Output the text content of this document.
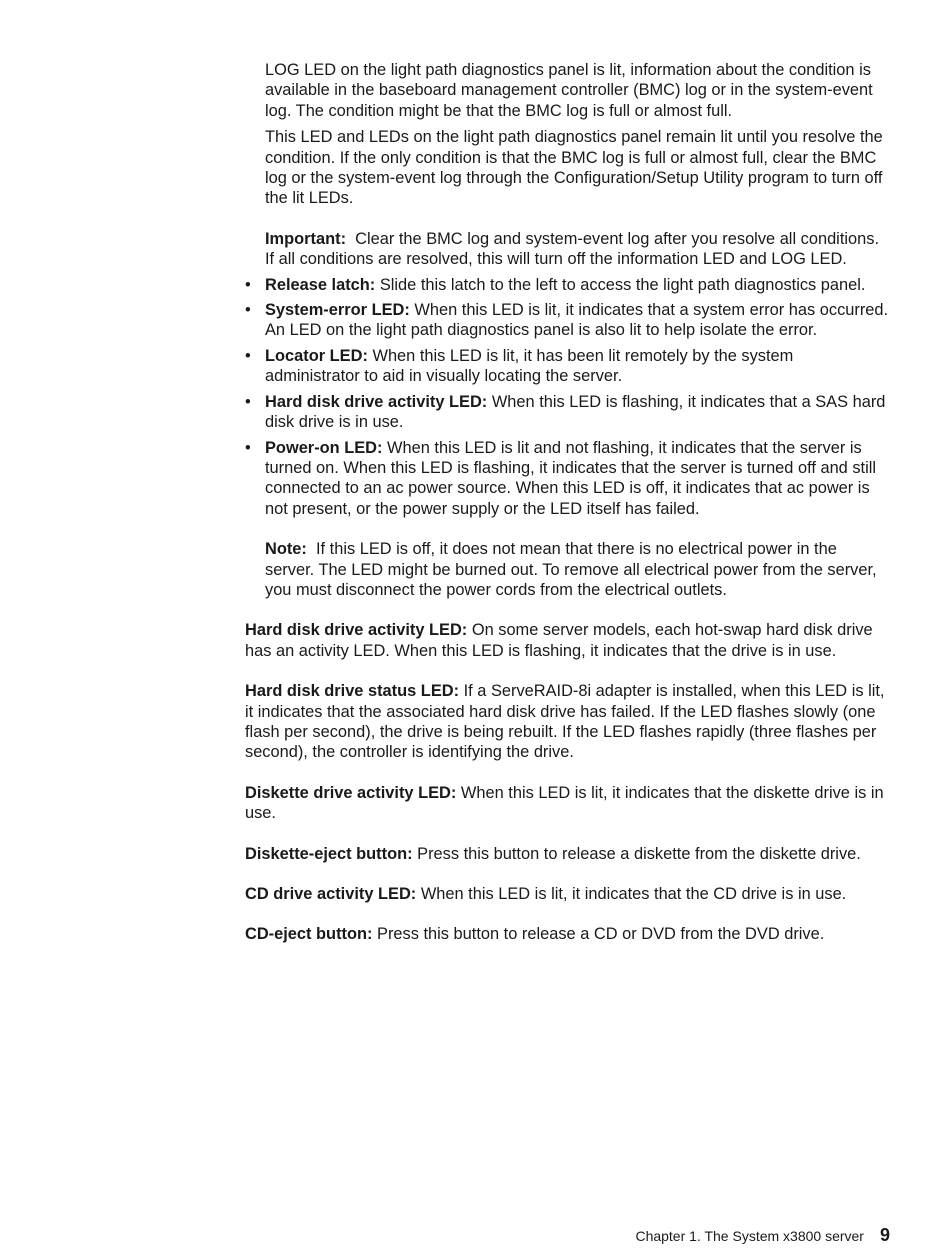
LOG LED on the light path diagnostics panel is lit, information about the condition is available in the baseboard management controller (BMC) log or in the system-event log. The condition might be that the BMC log is full or almost full.

This LED and LEDs on the light path diagnostics panel remain lit until you resolve the condition. If the only condition is that the BMC log is full or almost full, clear the BMC log or the system-event log through the Configuration/Setup Utility program to turn off the lit LEDs.

Important: Clear the BMC log and system-event log after you resolve all conditions. If all conditions are resolved, this will turn off the information LED and LOG LED.

• Release latch: Slide this latch to the left to access the light path diagnostics panel.
• System-error LED: When this LED is lit, it indicates that a system error has occurred. An LED on the light path diagnostics panel is also lit to help isolate the error.
• Locator LED: When this LED is lit, it has been lit remotely by the system administrator to aid in visually locating the server.
• Hard disk drive activity LED: When this LED is flashing, it indicates that a SAS hard disk drive is in use.
• Power-on LED: When this LED is lit and not flashing, it indicates that the server is turned on. When this LED is flashing, it indicates that the server is turned off and still connected to an ac power source. When this LED is off, it indicates that ac power is not present, or the power supply or the LED itself has failed.

Note: If this LED is off, it does not mean that there is no electrical power in the server. The LED might be burned out. To remove all electrical power from the server, you must disconnect the power cords from the electrical outlets.

Hard disk drive activity LED: On some server models, each hot-swap hard disk drive has an activity LED. When this LED is flashing, it indicates that the drive is in use.

Hard disk drive status LED: If a ServeRAID-8i adapter is installed, when this LED is lit, it indicates that the associated hard disk drive has failed. If the LED flashes slowly (one flash per second), the drive is being rebuilt. If the LED flashes rapidly (three flashes per second), the controller is identifying the drive.

Diskette drive activity LED: When this LED is lit, it indicates that the diskette drive is in use.

Diskette-eject button: Press this button to release a diskette from the diskette drive.

CD drive activity LED: When this LED is lit, it indicates that the CD drive is in use.

CD-eject button: Press this button to release a CD or DVD from the DVD drive.

Chapter 1. The System x3800 server 9
